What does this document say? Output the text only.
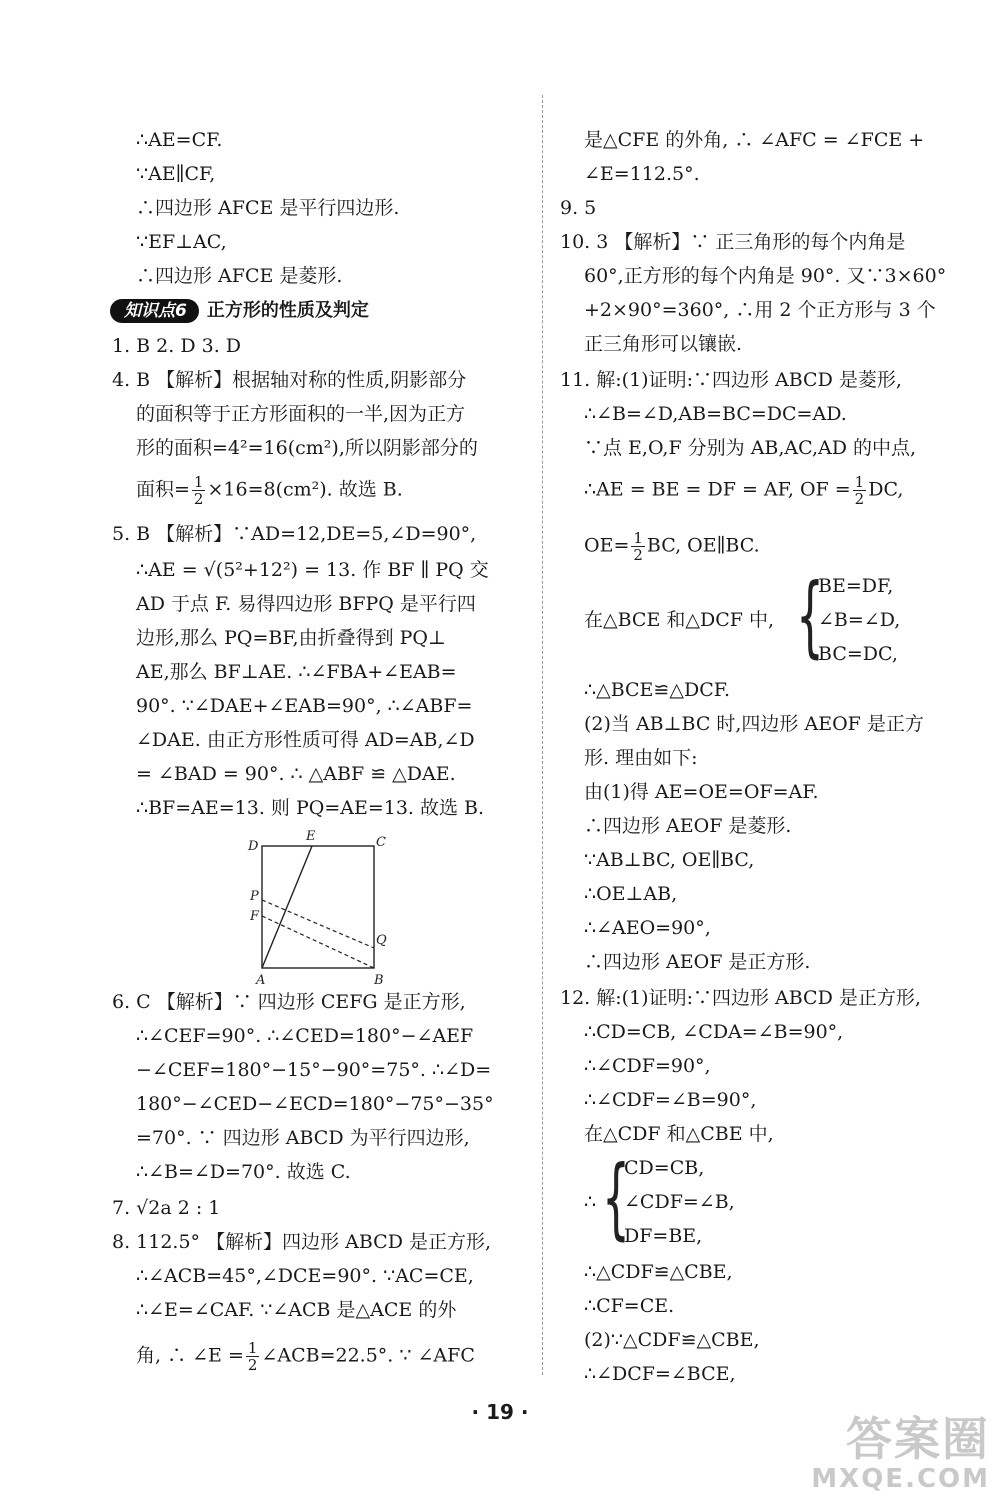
∴AE=CF.
∵AE∥CF,
∴四边形 AFCE 是平行四边形.
∵EF⊥AC,
∴四边形 AFCE 是菱形.
知识点6 正方形的性质及判定
1. B 2. D 3. D
4. B 【解析】根据轴对称的性质,阴影部分
的面积等于正方形面积的一半,因为正方
形的面积=4²=16(cm²),所以阴影部分的
面积= $\frac{1}{2} \times 16=8(cm^2)$. 故选 B.
5. B 【解析】∵AD=12,DE=5,∠D=90°,
∴AE = √(5²+12²) = 13. 作 BF ∥ PQ 交
AD 于点 F. 易得四边形 BFPQ 是平行四
边形,那么 PQ=BF,由折叠得到 PQ⊥
AE,那么 BF⊥AE. ∴∠FBA+∠EAB=
90°. ∵∠DAE+∠EAB=90°, ∴∠ABF=
∠DAE. 由正方形性质可得 AD=AB,∠D
= ∠BAD = 90°. ∴ △ABF ≌ △DAE.
∴BF=AE=13. 则 PQ=AE=13. 故选 B.
D
E	C
P
F
Q
A	B
6. C 【解析】∵ 四边形 CEFG 是正方形,
∴∠CEF=90°. ∴∠CED=180°−∠AEF
−∠CEF=180°−15°−90°=75°. ∴∠D=
180°−∠CED−∠ECD=180°−75°−35°
=70°. ∵ 四边形 ABCD 为平行四边形,
∴∠B=∠D=70°. 故选 C.
7. √2a 2 : 1
8. 112.5° 【解析】四边形 ABCD 是正方形,
∴∠ACB=45°,∠DCE=90°. ∵AC=CE,
∴∠E=∠CAF. ∵∠ACB 是△ACE 的外
角, ∴ ∠E = $\frac{1}{2}$ ∠ACB=22.5°. ∵ ∠AFC
是△CFE 的外角, ∴ ∠AFC = ∠FCE +
∠E=112.5°.
9. 5
10. 3 【解析】∵ 正三角形的每个内角是
60°,正方形的每个内角是 90°. 又∵3×60°
+2×90°=360°, ∴用 2 个正方形与 3 个
正三角形可以镶嵌.
11. 解:(1)证明:∵四边形 ABCD 是菱形,
∴∠B=∠D,AB=BC=DC=AD.
∵点 E,O,F 分别为 AB,AC,AD 的中点,
∴AE = BE = DF = AF, OF = $\frac{1}{2}$ DC,
$OE= \frac{1}{2}$ BC, OE∥BC.
在△BCE 和△DCF 中, {
BE=DF,
∠B=∠D,
BC=DC,
∴△BCE≌△DCF.
(2)当 AB⊥BC 时,四边形 AEOF 是正方
形. 理由如下:
由(1)得 AE=OE=OF=AF.
∴四边形 AEOF 是菱形.
∵AB⊥BC, OE∥BC,
∴OE⊥AB,
∴∠AEO=90°,
∴四边形 AEOF 是正方形.
12. 解:(1)证明:∵四边形 ABCD 是正方形,
∴CD=CB, ∠CDA=∠B=90°,
∴∠CDF=90°,
∴∠CDF=∠B=90°,
在△CDF 和△CBE 中,
∴ {
CD=CB,
∠CDF=∠B,
DF=BE,
∴△CDF≌△CBE,
∴CF=CE.
(2)∵△CDF≌△CBE,
∴∠DCF=∠BCE,
· 19 ·	答案圈
MXQE.COM
